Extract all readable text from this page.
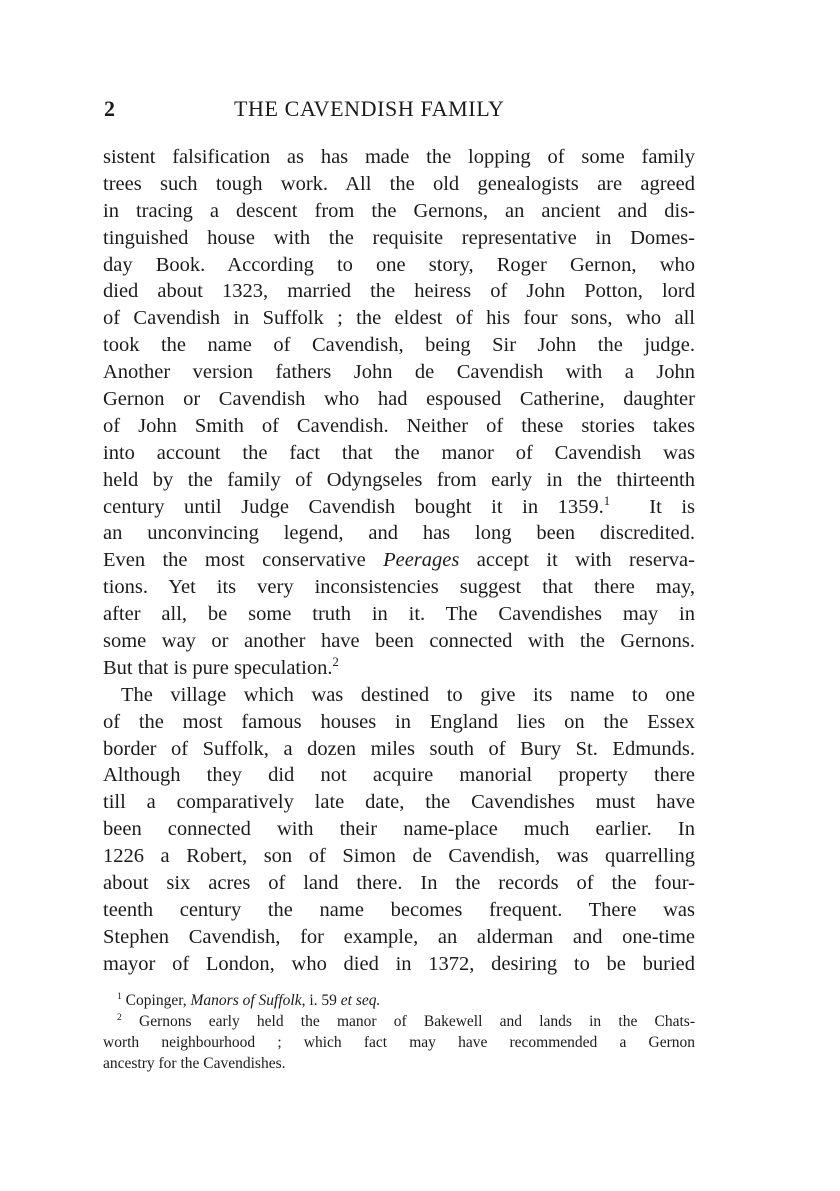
2	THE CAVENDISH FAMILY
sistent falsification as has made the lopping of some family
trees such tough work. All the old genealogists are agreed
in tracing a descent from the Gernons, an ancient and dis-
tinguished house with the requisite representative in Domes-
day Book. According to one story, Roger Gernon, who
died about 1323, married the heiress of John Potton, lord
of Cavendish in Suffolk ; the eldest of his four sons, who all
took the name of Cavendish, being Sir John the judge.
Another version fathers John de Cavendish with a John
Gernon or Cavendish who had espoused Catherine, daughter
of John Smith of Cavendish. Neither of these stories takes
into account the fact that the manor of Cavendish was
held by the family of Odyngseles from early in the thirteenth
century until Judge Cavendish bought it in 1359.$^1$  It is
an unconvincing legend, and has long been discredited.
Even the most conservative Peerages accept it with reserva-
tions. Yet its very inconsistencies suggest that there may,
after all, be some truth in it. The Cavendishes may in
some way or another have been connected with the Gernons.
But that is pure speculation.$^2$
The village which was destined to give its name to one
of the most famous houses in England lies on the Essex
border of Suffolk, a dozen miles south of Bury St. Edmunds.
Although they did not acquire manorial property there
till a comparatively late date, the Cavendishes must have
been connected with their name-place much earlier. In
1226 a Robert, son of Simon de Cavendish, was quarrelling
about six acres of land there. In the records of the four-
teenth century the name becomes frequent. There was
Stephen Cavendish, for example, an alderman and one-time
mayor of London, who died in 1372, desiring to be buried
$^1$ Copinger, Manors of Suffolk, i. 59 et seq.
$^2$ Gernons early held the manor of Bakewell and lands in the Chats-
worth neighbourhood ; which fact may have recommended a Gernon
ancestry for the Cavendishes.
